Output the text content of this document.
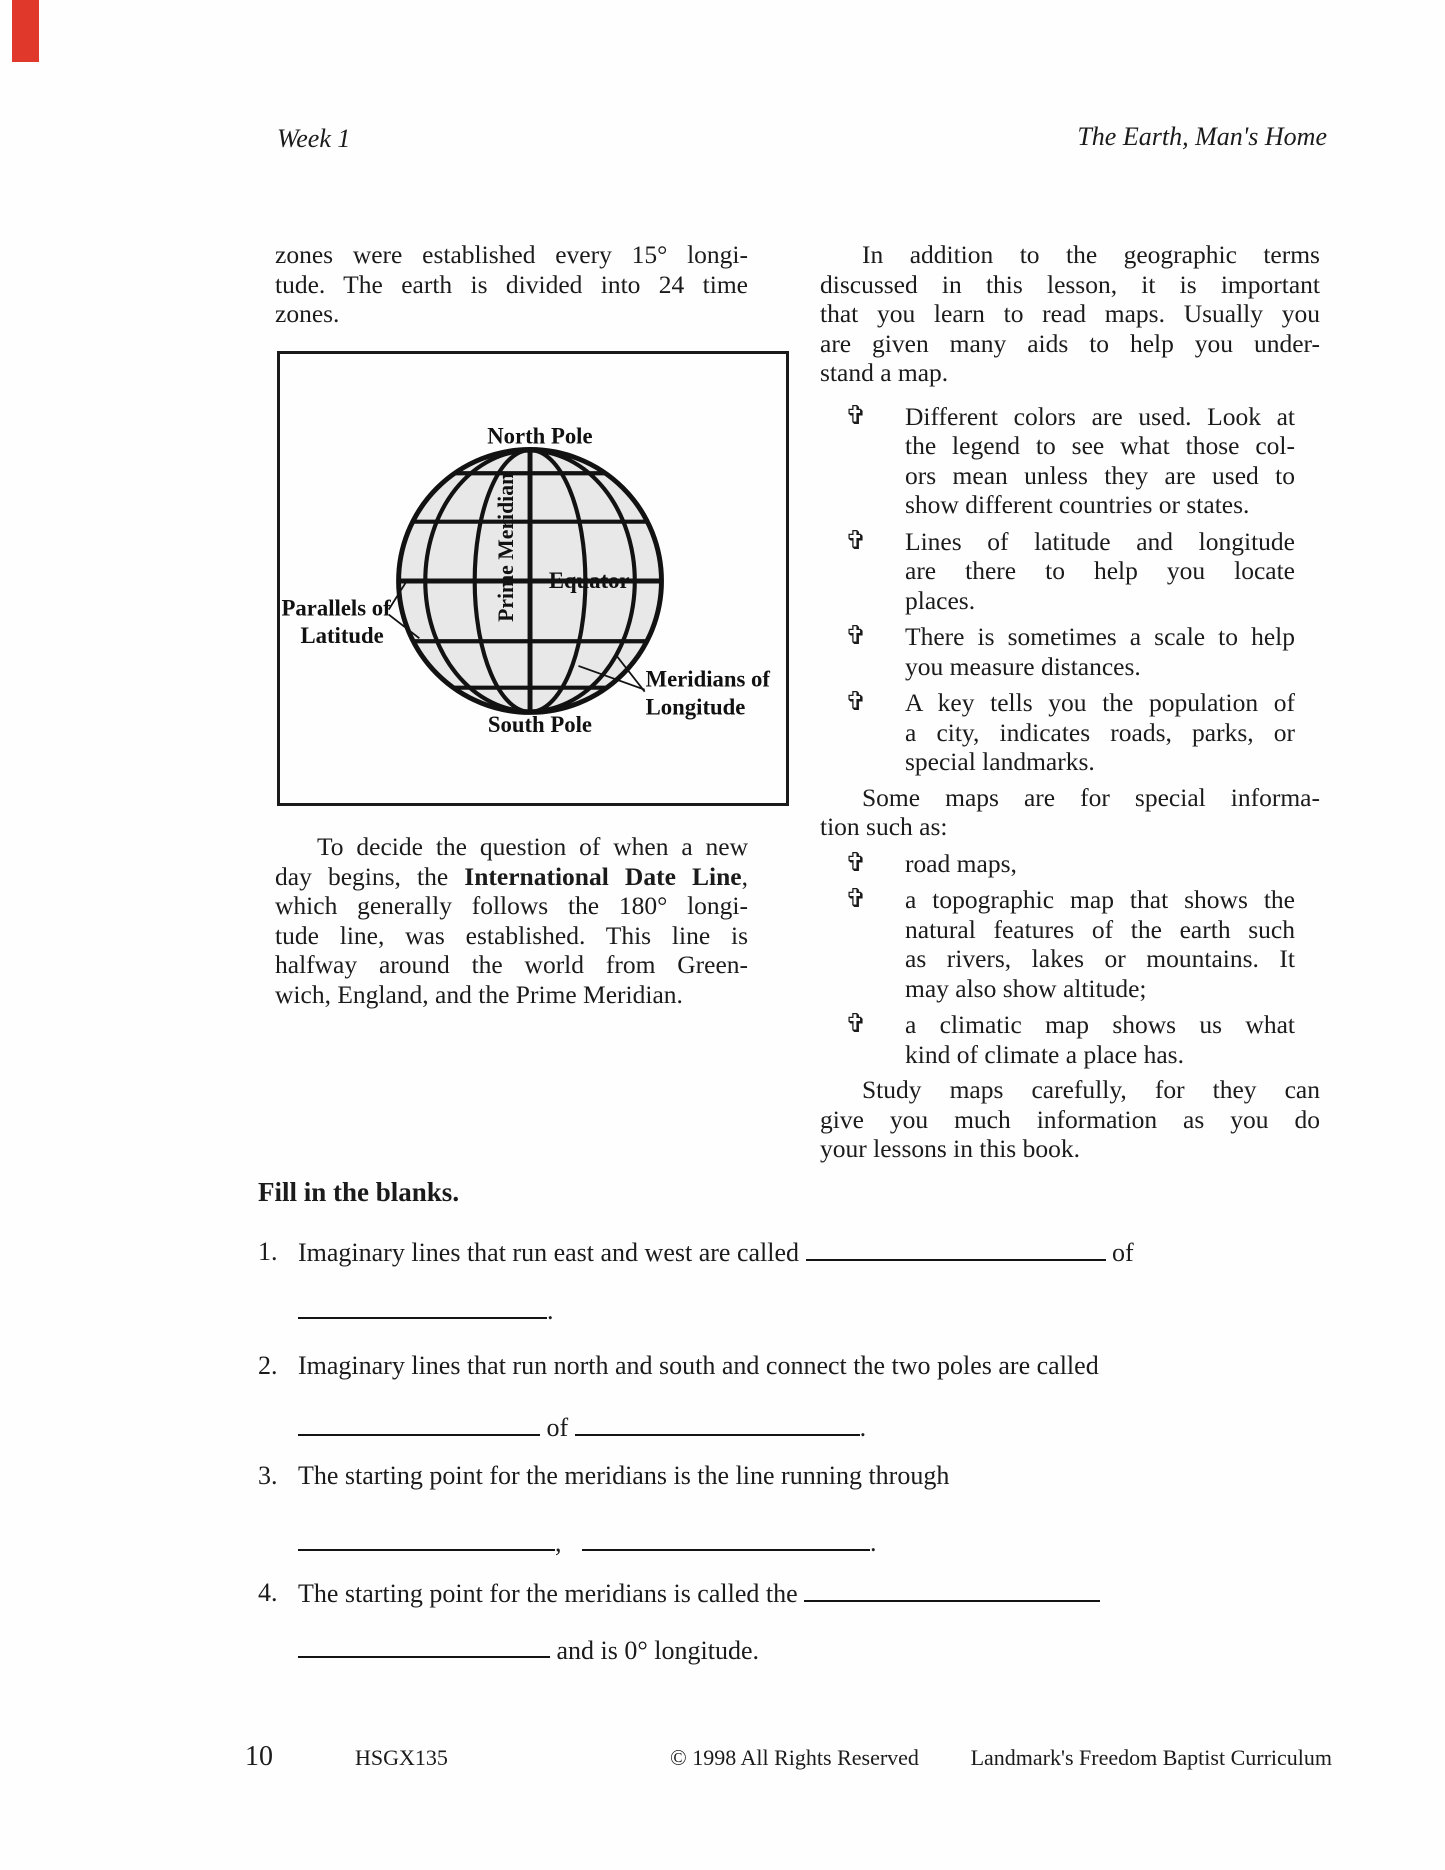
Week 1	The Earth, Man's Home
zones were established every 15° longi-
tude. The earth is divided into 24 time
zones.
North Pole
South Pole
Equator
Prime Meridian
Parallels of
Latitude
Meridians of
Longitude
To decide the question of when a new
day begins, the International Date Line,
which generally follows the 180° longi-
tude line, was established. This line is
halfway around the world from Green-
wich, England, and the Prime Meridian.
In addition to the geographic terms
discussed in this lesson, it is important
that you learn to read maps. Usually you
are given many aids to help you under-
stand a map.
✞	Different colors are used. Look at
the legend to see what those col-
ors mean unless they are used to
show different countries or states.
✞	Lines of latitude and longitude
are there to help you locate
places.
✞	There is sometimes a scale to help
you measure distances.
✞	A key tells you the population of
a city, indicates roads, parks, or
special landmarks.
Some maps are for special informa-
tion such as:
✞	road maps,
✞	a topographic map that shows the
natural features of the earth such
as rivers, lakes or mountains. It
may also show altitude;
✞	a climatic map shows us what
kind of climate a place has.
Study maps carefully, for they can
give you much information as you do
your lessons in this book.
Fill in the blanks.
1. Imaginary lines that run east and west are called	of
.
2. Imaginary lines that run north and south and connect the two poles are called
of	.
3. The starting point for the meridians is the line running through
,	.
4. The starting point for the meridians is called the
and is 0° longitude.
10	HSGX135	© 1998 All Rights Reserved Landmark's Freedom Baptist Curriculum
